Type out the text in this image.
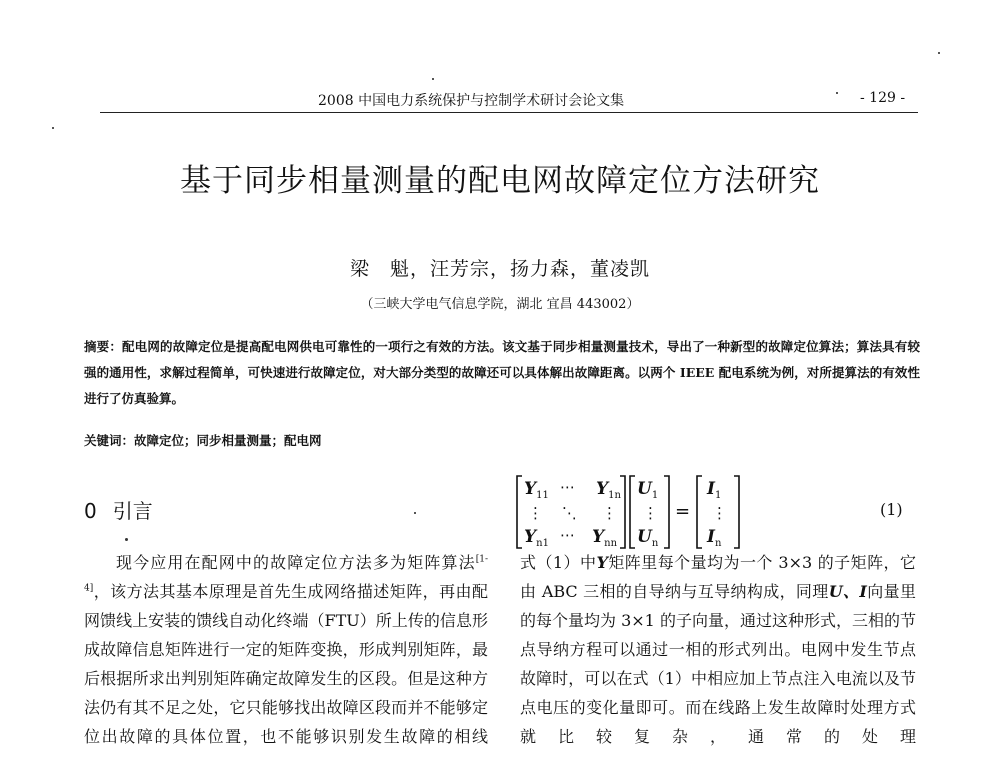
2008 中国电力系统保护与控制学术研讨会论文集	- 129 -
基于同步相量测量的配电网故障定位方法研究
梁　魁，汪芳宗，扬力森，董凌凯
（三峡大学电气信息学院，湖北 宜昌 443002）
摘要：配电网的故障定位是提高配电网供电可靠性的一项行之有效的方法。该文基于同步相量测量技术，导出了一种新型的故障定位算法；算法具有较强的通用性，求解过程简单，可快速进行故障定位，对大部分类型的故障还可以具体解出故障距离。以两个 IEEE 配电系统为例，对所提算法的有效性进行了仿真验算。
关键词：故障定位；同步相量测量；配电网
0 引言
现今应用在配网中的故障定位方法多为矩阵算法[1-4]，该方法其基本原理是首先生成网络描述矩阵，再由配网馈线上安装的馈线自动化终端（FTU）所上传的信息形成故障信息矩阵进行一定的矩阵变换，形成判别矩阵，最后根据所求出判别矩阵确定故障发生的区段。但是这种方法仍有其不足之处，它只能够找出故障区段而并不能够定位出故障的具体位置，也不能够识别发生故障的相线
$Y_{11}$	$Y_{1n}$
$Y_{n1}$	$Y_{nn}$
$U_1$
$U_n$
$I_1$
$I_n$
⋯
⋯
⋮	⋮
⋱	⋮	⋮
=	(1)
式（1）中Y矩阵里每个量均为一个 3×3 的子矩阵，它由 ABC 三相的自导纳与互导纳构成，同理U、I向量里的每个量均为 3×1 的子向量，通过这种形式，三相的节点导纳方程可以通过一相的形式列出。电网中发生节点故障时，可以在式（1）中相应加上节点注入电流以及节点电压的变化量即可。而在线路上发生故障时处理方式就比较复杂，通常的处理
